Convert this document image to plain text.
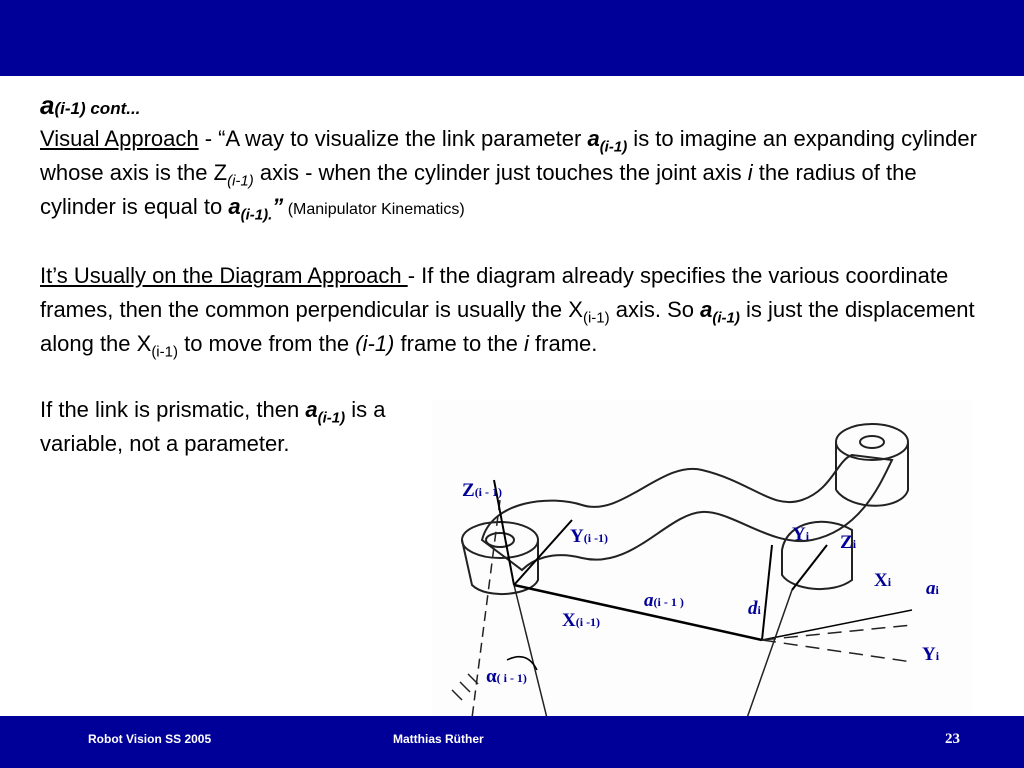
a(i-1) cont...

Visual Approach - “A way to visualize the link parameter $a_{(i-1)}$ is to imagine an expanding cylinder whose axis is the $Z_{(i-1)}$ axis - when the cylinder just touches the joint axis i the radius of the cylinder is equal to $a_{(i-1).}$” (Manipulator Kinematics)

It’s Usually on the Diagram Approach - If the diagram already specifies the various coordinate frames, then the common perpendicular is usually the $X_{(i-1)}$ axis. So $a_{(i-1)}$ is just the displacement along the $X_{(i-1)}$ to move from the (i-1) frame to the i frame.

If the link is prismatic, then $a_{(i-1)}$ is a variable, not a parameter.

Z(i - 1)
Y(i -1)
X(i -1)
a(i - 1 )
α( i - 1)
Yi Zi
Xi ai
di
Yi
Robot Vision SS 2005	Matthias Rüther	23
